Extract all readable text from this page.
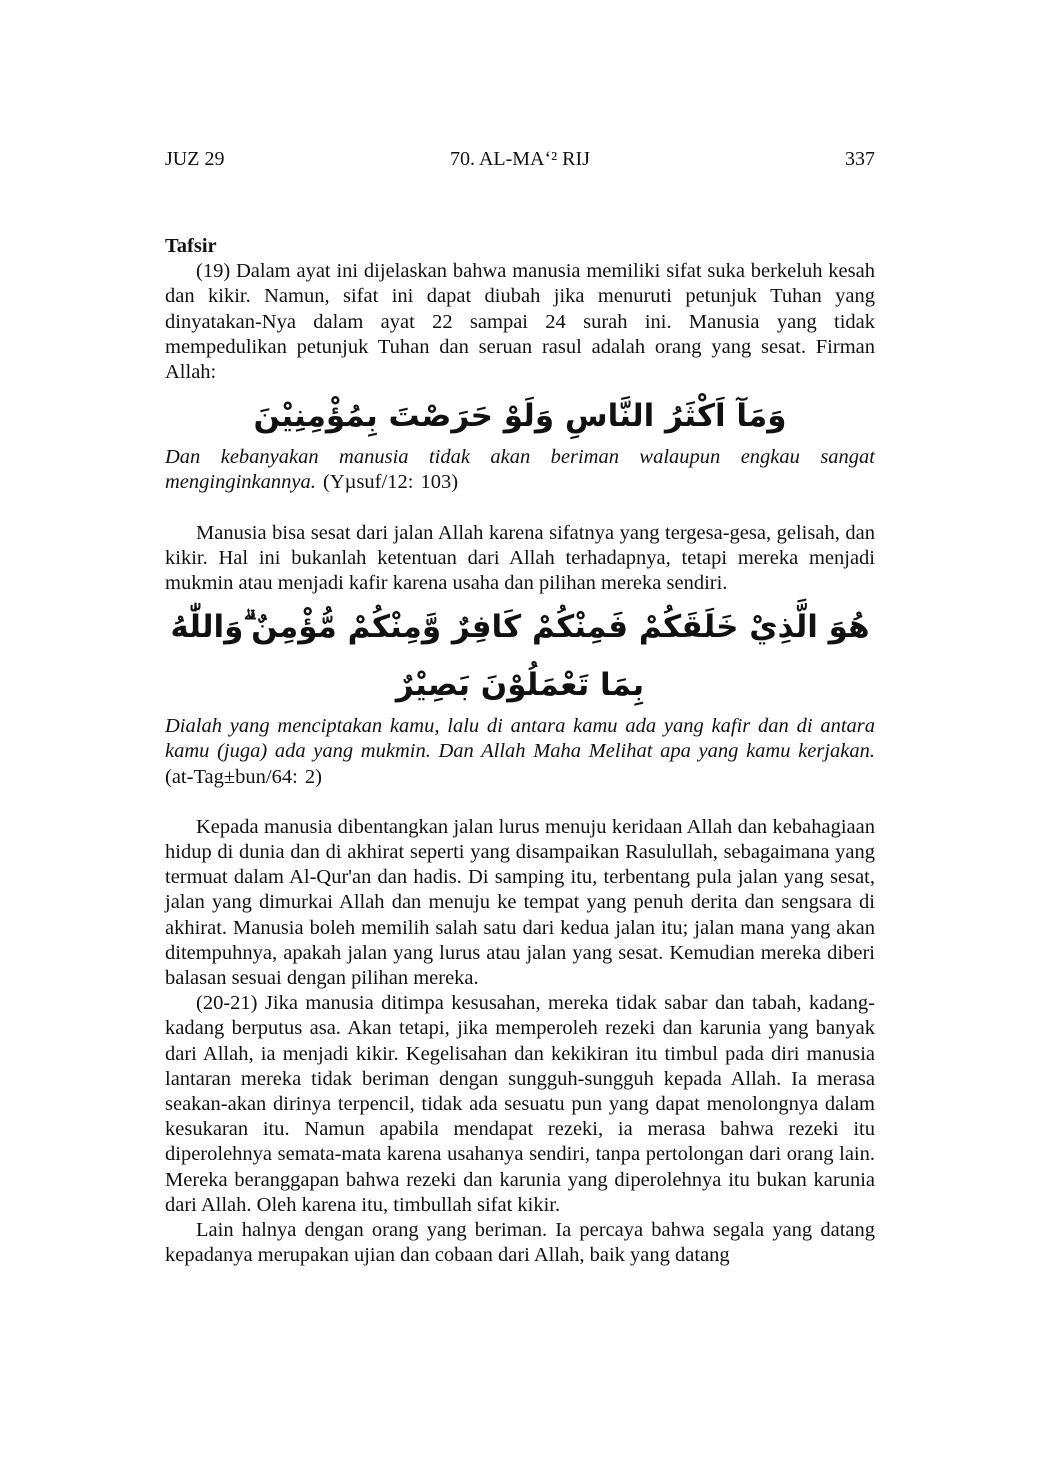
JUZ 29	70. AL-MA‘² RIJ	337

Tafsir

(19) Dalam ayat ini dijelaskan bahwa manusia memiliki sifat suka berkeluh kesah dan kikir. Namun, sifat ini dapat diubah jika menuruti petunjuk Tuhan yang dinyatakan-Nya dalam ayat 22 sampai 24 surah ini. Manusia yang tidak mempedulikan petunjuk Tuhan dan seruan rasul adalah orang yang sesat. Firman Allah:

وَمَآ اَكْثَرُ النَّاسِ وَلَوْ حَرَصْتَ بِمُؤْمِنِيْنَ

Dan kebanyakan manusia tidak akan beriman walaupun engkau sangat menginginkannya. (Yµsuf/12: 103)

Manusia bisa sesat dari jalan Allah karena sifatnya yang tergesa-gesa, gelisah, dan kikir. Hal ini bukanlah ketentuan dari Allah terhadapnya, tetapi mereka menjadi mukmin atau menjadi kafir karena usaha dan pilihan mereka sendiri.

هُوَ الَّذِيْ خَلَقَكُمْ فَمِنْكُمْ كَافِرٌ وَّمِنْكُمْ مُّؤْمِنٌ ۗوَاللّٰهُ بِمَا تَعْمَلُوْنَ بَصِيْرٌ

Dialah yang menciptakan kamu, lalu di antara kamu ada yang kafir dan di antara kamu (juga) ada yang mukmin. Dan Allah Maha Melihat apa yang kamu kerjakan. (at-Tag±bun/64: 2)

Kepada manusia dibentangkan jalan lurus menuju keridaan Allah dan kebahagiaan hidup di dunia dan di akhirat seperti yang disampaikan Rasulullah, sebagaimana yang termuat dalam Al-Qur'an dan hadis. Di samping itu, terbentang pula jalan yang sesat, jalan yang dimurkai Allah dan menuju ke tempat yang penuh derita dan sengsara di akhirat. Manusia boleh memilih salah satu dari kedua jalan itu; jalan mana yang akan ditempuhnya, apakah jalan yang lurus atau jalan yang sesat. Kemudian mereka diberi balasan sesuai dengan pilihan mereka.

(20-21) Jika manusia ditimpa kesusahan, mereka tidak sabar dan tabah, kadang-kadang berputus asa. Akan tetapi, jika memperoleh rezeki dan karunia yang banyak dari Allah, ia menjadi kikir. Kegelisahan dan kekikiran itu timbul pada diri manusia lantaran mereka tidak beriman dengan sungguh-sungguh kepada Allah. Ia merasa seakan-akan dirinya terpencil, tidak ada sesuatu pun yang dapat menolongnya dalam kesukaran itu. Namun apabila mendapat rezeki, ia merasa bahwa rezeki itu diperolehnya semata-mata karena usahanya sendiri, tanpa pertolongan dari orang lain. Mereka beranggapan bahwa rezeki dan karunia yang diperolehnya itu bukan karunia dari Allah. Oleh karena itu, timbullah sifat kikir.

Lain halnya dengan orang yang beriman. Ia percaya bahwa segala yang datang kepadanya merupakan ujian dan cobaan dari Allah, baik yang datang
